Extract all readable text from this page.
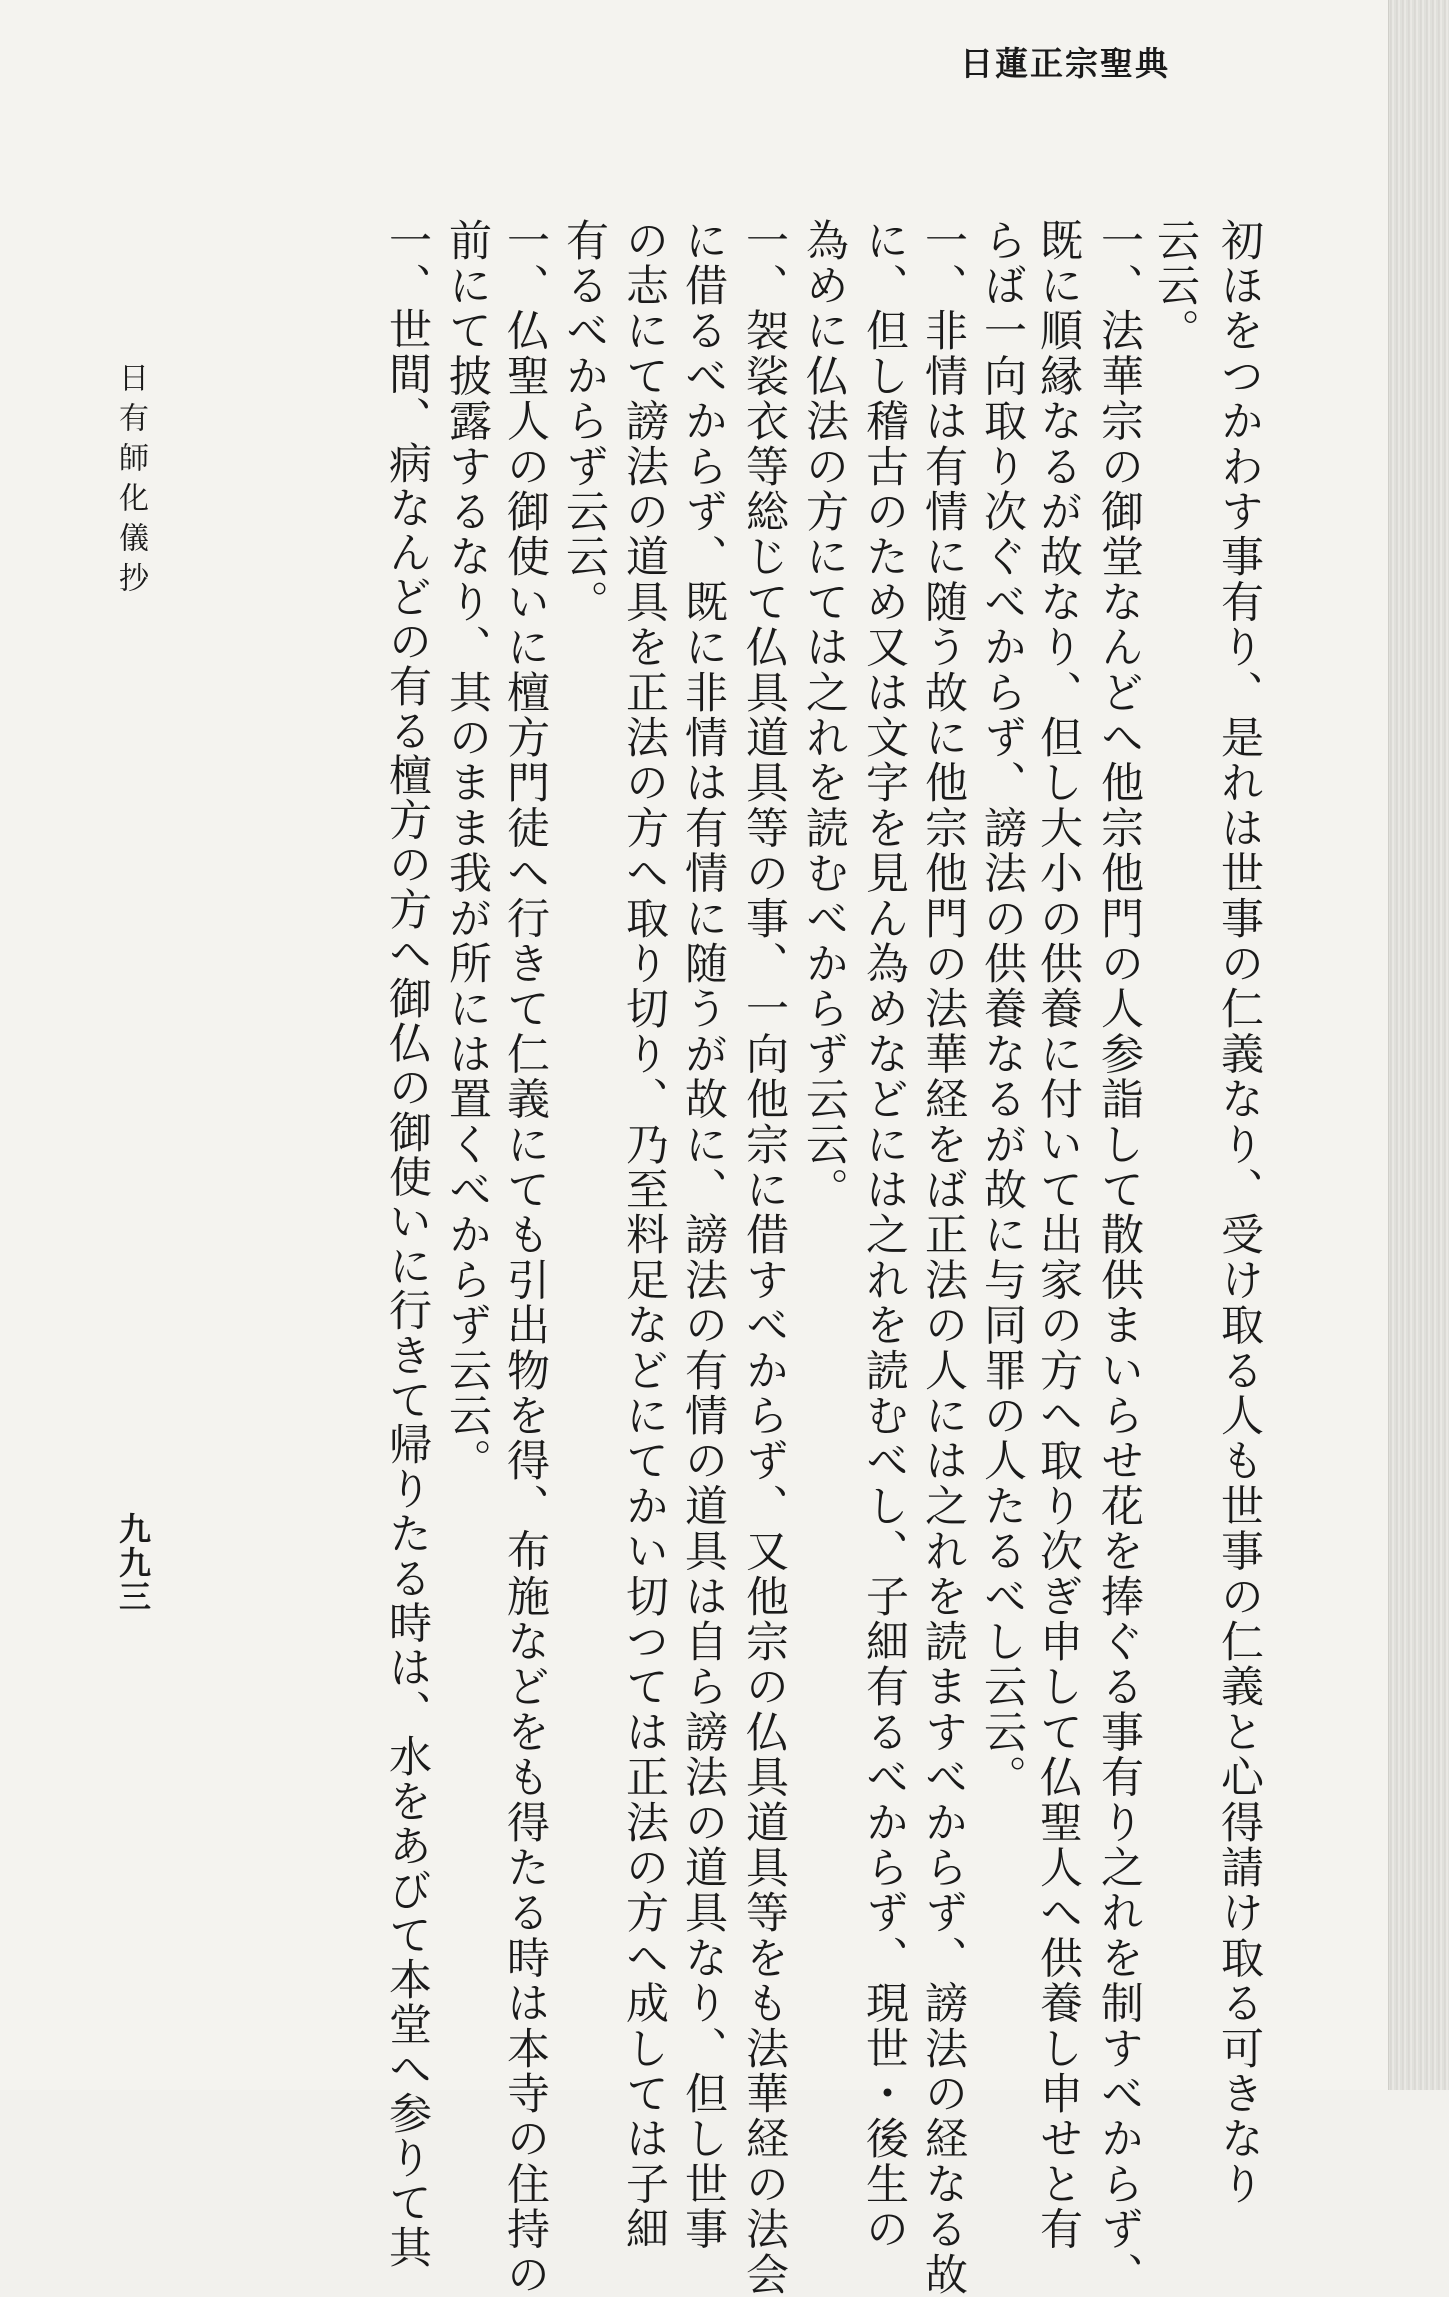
日蓮正宗聖典
初ほをつかわす事有り、是れは世事の仁義なり、受け取る人も世事の仁義と心得請け取る可きなり
云云。
一、法華宗の御堂なんどへ他宗他門の人参詣して散供まいらせ花を捧ぐる事有り之れを制すべからず、
既に順縁なるが故なり、但し大小の供養に付いて出家の方へ取り次ぎ申して仏聖人へ供養し申せと有
らば一向取り次ぐべからず、謗法の供養なるが故に与同罪の人たるべし云云。
一、非情は有情に随う故に他宗他門の法華経をば正法の人には之れを読ますべからず、謗法の経なる故
に、但し稽古のため又は文字を見ん為めなどには之れを読むべし、子細有るべからず、現世・後生の
為めに仏法の方にては之れを読むべからず云云。
一、袈裟衣等総じて仏具道具等の事、一向他宗に借すべからず、又他宗の仏具道具等をも法華経の法会
に借るべからず、既に非情は有情に随うが故に、謗法の有情の道具は自ら謗法の道具なり、但し世事
の志にて謗法の道具を正法の方へ取り切り、乃至料足などにてかい切つては正法の方へ成しては子細
有るべからず云云。
一、仏聖人の御使いに檀方門徒へ行きて仁義にても引出物を得、布施などをも得たる時は本寺の住持の
前にて披露するなり、其のまま我が所には置くべからず云云。
一、世間、病なんどの有る檀方の方へ御仏の御使いに行きて帰りたる時は、水をあびて本堂へ参りて其
日有師化儀抄
九九三
